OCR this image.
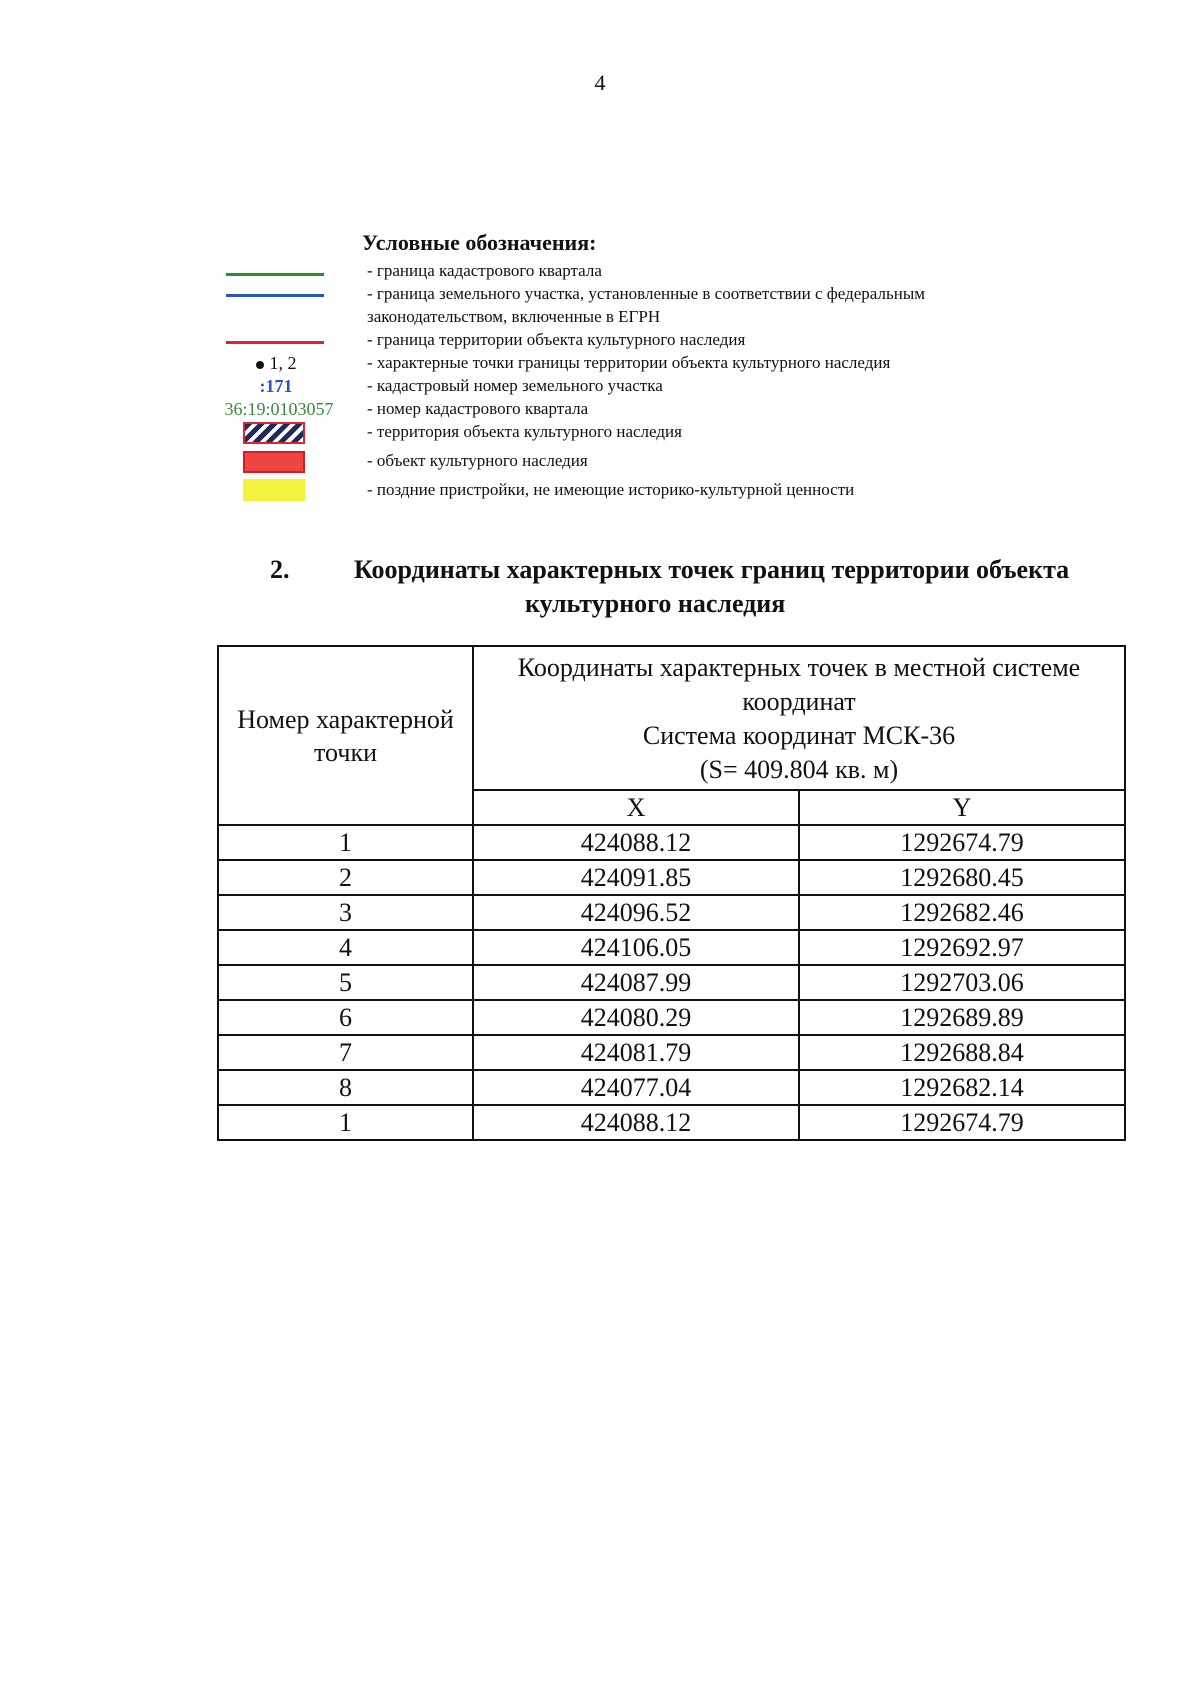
4
Условные обозначения:
1, 2
:171
36:19:0103057
- граница кадастрового квартала
- граница земельного участка, установленные в соответствии с федеральным
законодательством, включенные в ЕГРН
- граница территории объекта культурного наследия
- характерные точки границы территории объекта культурного наследия
- кадастровый номер земельного участка
- номер кадастрового квартала
- территория объекта культурного наследия
- объект культурного наследия
- поздние пристройки, не имеющие историко-культурной ценности
2. Координаты характерных точек границ территории объекта
культурного наследия
Номер характерной точки	Координаты характерных точек в местной системе
координат
Система координат МСК-36
(S= 409.804 кв. м)	

	X	Y
1	424088.12	1292674.79
2	424091.85	1292680.45
3	424096.52	1292682.46
4	424106.05	1292692.97
5	424087.99	1292703.06
6	424080.29	1292689.89
7	424081.79	1292688.84
8	424077.04	1292682.14
1	424088.12	1292674.79
